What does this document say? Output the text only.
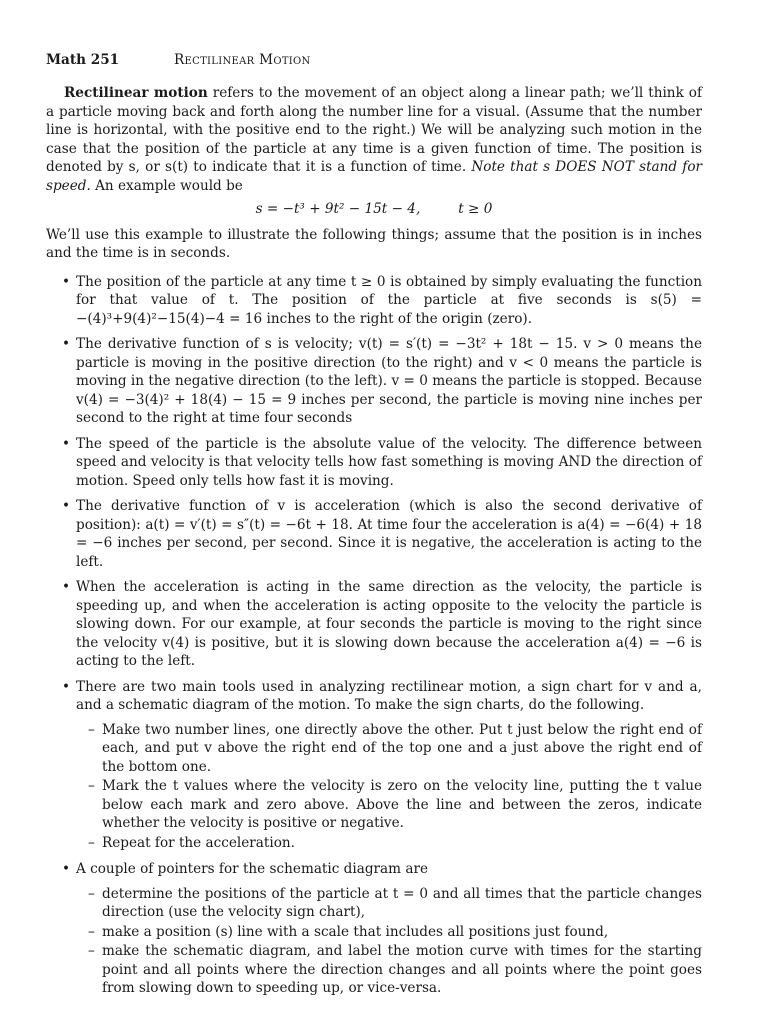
Math 251	Rectilinear Motion

Rectilinear motion refers to the movement of an object along a linear path; we’ll think of a particle moving back and forth along the number line for a visual. (Assume that the number line is horizontal, with the positive end to the right.) We will be analyzing such motion in the case that the position of the particle at any time is a given function of time. The position is denoted by s, or s(t) to indicate that it is a function of time. Note that s DOES NOT stand for speed. An example would be

s = −t³ + 9t² − 15t − 4,	t ≥ 0

We’ll use this example to illustrate the following things; assume that the position is in inches and the time is in seconds.

• The position of the particle at any time t ≥ 0 is obtained by simply evaluating the function for that value of t. The position of the particle at five seconds is s(5) = −(4)³+9(4)²−15(4)−4 = 16 inches to the right of the origin (zero).
• The derivative function of s is velocity; v(t) = s′(t) = −3t² + 18t − 15. v > 0 means the particle is moving in the positive direction (to the right) and v < 0 means the particle is moving in the negative direction (to the left). v = 0 means the particle is stopped. Because v(4) = −3(4)² + 18(4) − 15 = 9 inches per second, the particle is moving nine inches per second to the right at time four seconds
• The speed of the particle is the absolute value of the velocity. The difference between speed and velocity is that velocity tells how fast something is moving AND the direction of motion. Speed only tells how fast it is moving.
• The derivative function of v is acceleration (which is also the second derivative of position): a(t) = v′(t) = s″(t) = −6t + 18. At time four the acceleration is a(4) = −6(4) + 18 = −6 inches per second, per second. Since it is negative, the acceleration is acting to the left.
• When the acceleration is acting in the same direction as the velocity, the particle is speeding up, and when the acceleration is acting opposite to the velocity the particle is slowing down. For our example, at four seconds the particle is moving to the right since the velocity v(4) is positive, but it is slowing down because the acceleration a(4) = −6 is acting to the left.
• There are two main tools used in analyzing rectilinear motion, a sign chart for v and a, and a schematic diagram of the motion. To make the sign charts, do the following.
– Make two number lines, one directly above the other. Put t just below the right end of each, and put v above the right end of the top one and a just above the right end of the bottom one.
– Mark the t values where the velocity is zero on the velocity line, putting the t value below each mark and zero above. Above the line and between the zeros, indicate whether the velocity is positive or negative.
– Repeat for the acceleration.
• A couple of pointers for the schematic diagram are
– determine the positions of the particle at t = 0 and all times that the particle changes direction (use the velocity sign chart),
– make a position (s) line with a scale that includes all positions just found,
– make the schematic diagram, and label the motion curve with times for the starting point and all points where the direction changes and all points where the point goes from slowing down to speeding up, or vice-versa.
